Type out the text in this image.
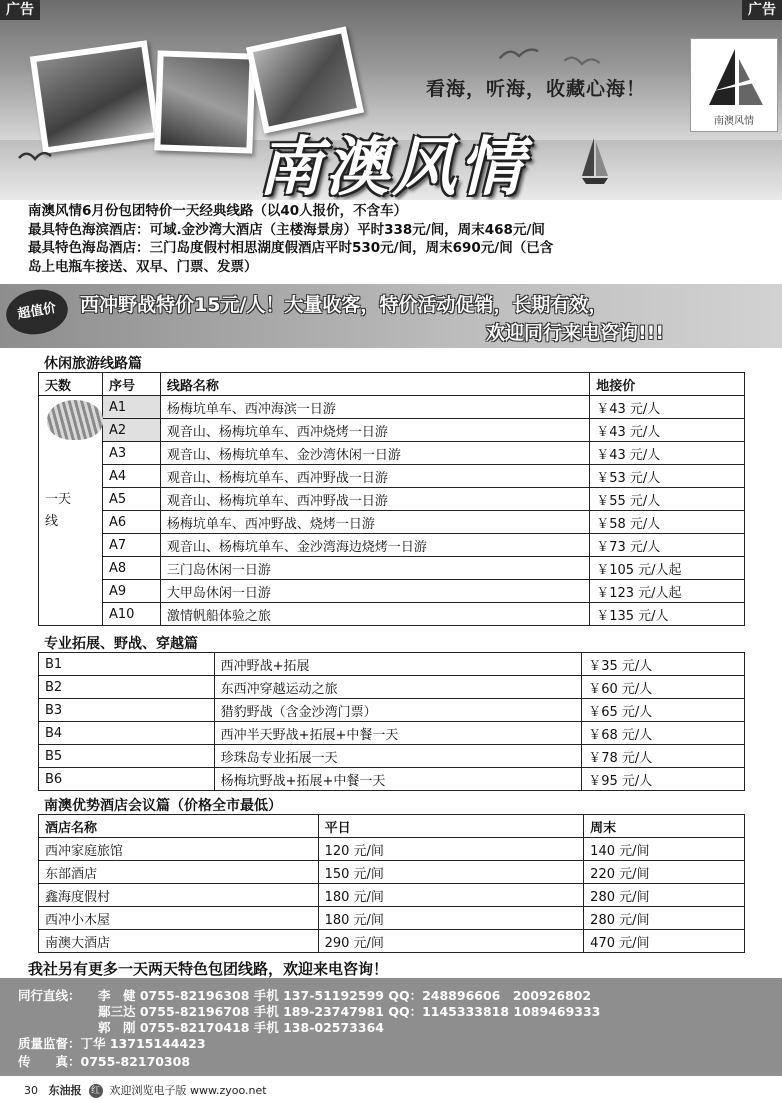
看海，听海，收藏心海！
南澳风情
南澳风情
广告	广告
南澳风情6月份包团特价一天经典线路（以40人报价，不含车）
最具特色海滨酒店：可域.金沙湾大酒店（主楼海景房）平时338元/间，周末468元/间
最具特色海岛酒店：三门岛度假村相思湖度假酒店平时530元/间，周末690元/间（已含
岛上电瓶车接送、双早、门票、发票）
超值价	西冲野战特价15元/人！大量收客，特价活动促销，长期有效，
欢迎同行来电咨询!!!
休闲旅游线路篇
天数	序号	线路名称	地接价

一天线	A1	杨梅坑单车、西冲海滨一日游	￥43 元/人
	A2	观音山、杨梅坑单车、西冲烧烤一日游	￥43 元/人
	A3	观音山、杨梅坑单车、金沙湾休闲一日游	￥43 元/人
	A4	观音山、杨梅坑单车、西冲野战一日游	￥53 元/人
	A5	观音山、杨梅坑单车、西冲野战一日游	￥55 元/人
	A6	杨梅坑单车、西冲野战、烧烤一日游	￥58 元/人
	A7	观音山、杨梅坑单车、金沙湾海边烧烤一日游	￥73 元/人
	A8	三门岛休闲一日游	￥105 元/人起
	A9	大甲岛休闲一日游	￥123 元/人起
	A10	激情帆船体验之旅	￥135 元/人
专业拓展、野战、穿越篇
B1	西冲野战+拓展	￥35 元/人
B2	东西冲穿越运动之旅	￥60 元/人
B3	猎豹野战（含金沙湾门票）	￥65 元/人
B4	西冲半天野战+拓展+中餐一天	￥68 元/人
B5	珍珠岛专业拓展一天	￥78 元/人
B6	杨梅坑野战+拓展+中餐一天	￥95 元/人
南澳优势酒店会议篇（价格全市最低）
酒店名称	平日	周末
西冲家庭旅馆	120 元/间	140 元/间
东部酒店	150 元/间	220 元/间
鑫海度假村	180 元/间	280 元/间
西冲小木屋	180 元/间	280 元/间
南澳大酒店	290 元/间	470 元/间
我社另有更多一天两天特色包团线路，欢迎来电咨询！
同行直线： 李　健 0755-82196308 手机 137-51192599 QQ：248896606　200926802
鄢三达 0755-82196708 手机 189-23747981 QQ：1145333818 1089469333
郭　刚 0755-82170418 手机 138-02573364
质量监督：丁华 13715144423
传　　真：0755-82170308
30 东油报 红 欢迎浏览电子版 www.zyoo.net
